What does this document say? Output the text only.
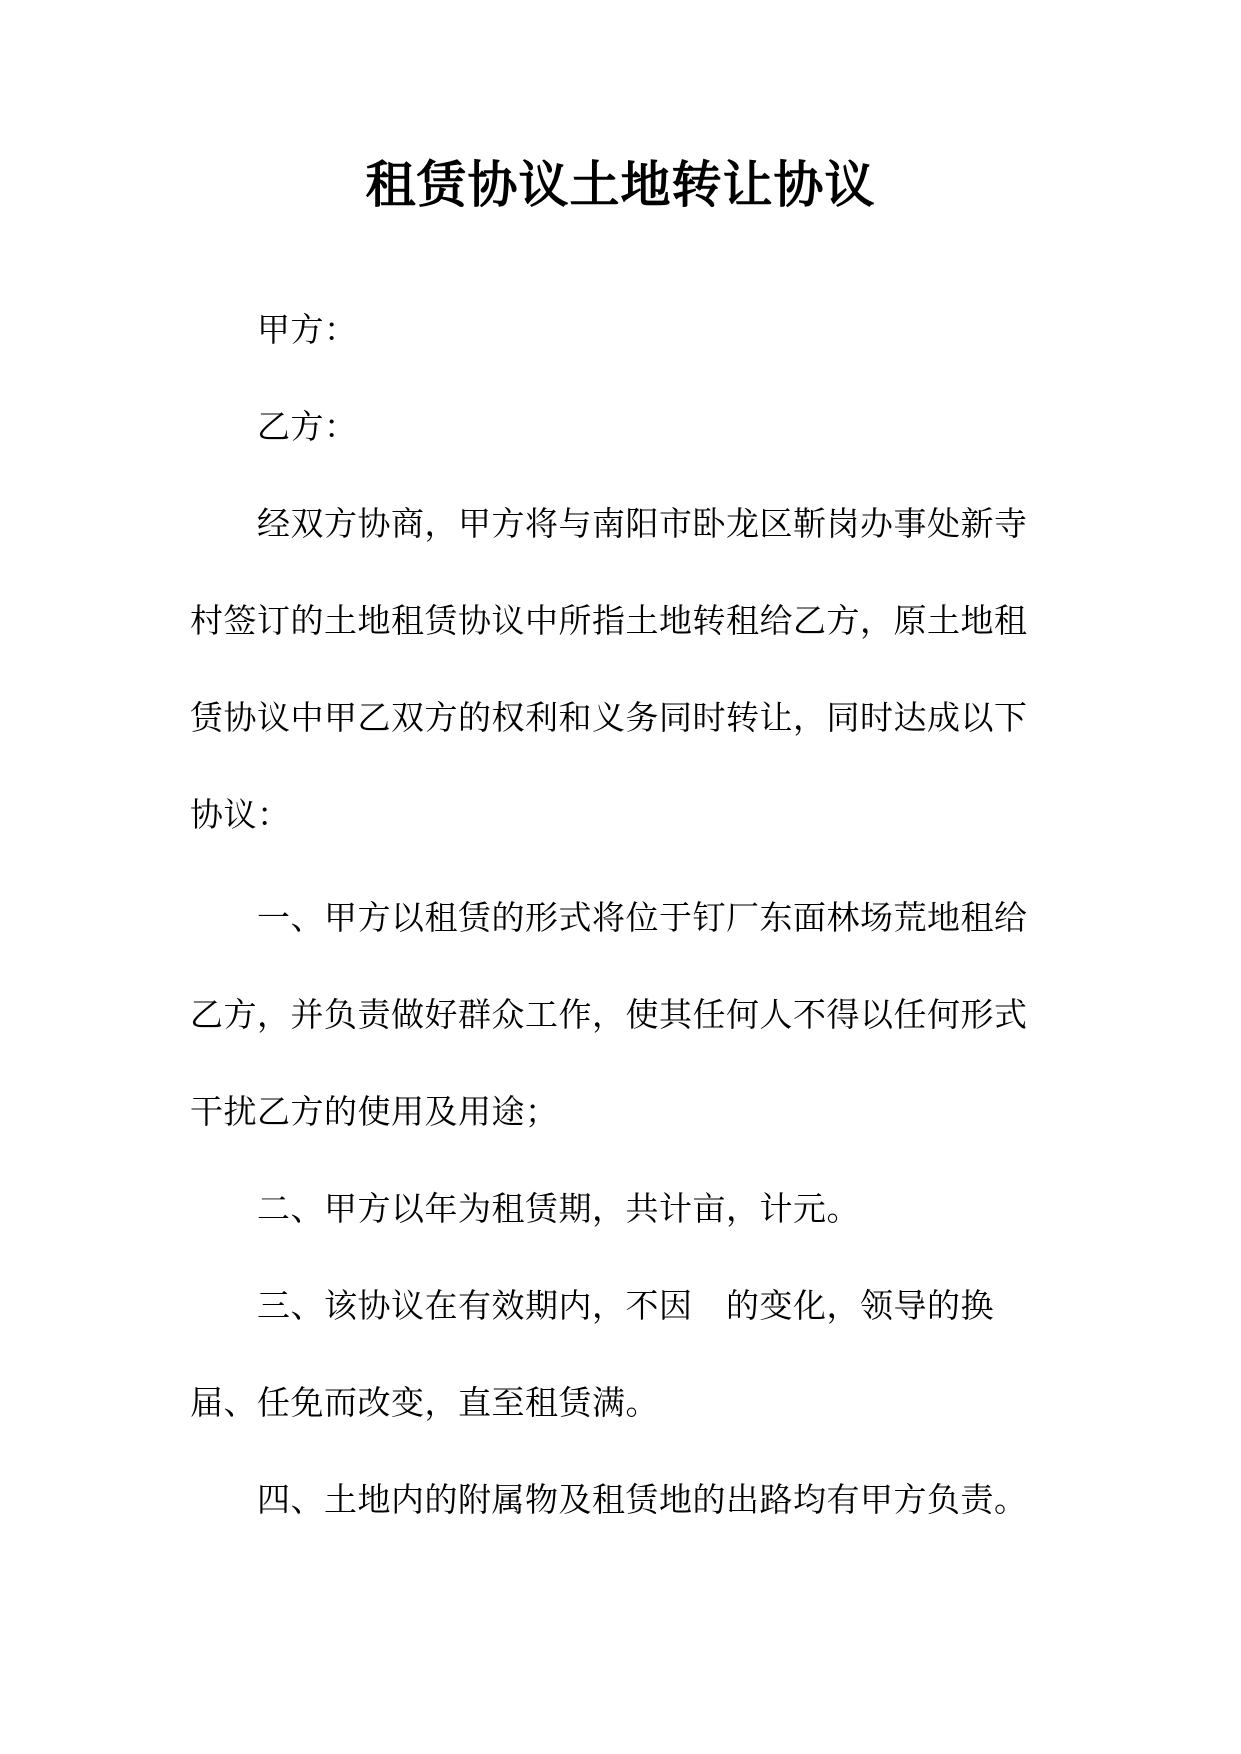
租赁协议土地转让协议
甲方：
乙方：
经双方协商，甲方将与南阳市卧龙区靳岗办事处新寺
村签订的土地租赁协议中所指土地转租给乙方，原土地租
赁协议中甲乙双方的权利和义务同时转让，同时达成以下
协议：
一、甲方以租赁的形式将位于钉厂东面林场荒地租给
乙方，并负责做好群众工作，使其任何人不得以任何形式
干扰乙方的使用及用途；
二、甲方以年为租赁期，共计亩，计元。
三、该协议在有效期内，不因　的变化，领导的换
届、任免而改变，直至租赁满。
四、土地内的附属物及租赁地的出路均有甲方负责。
